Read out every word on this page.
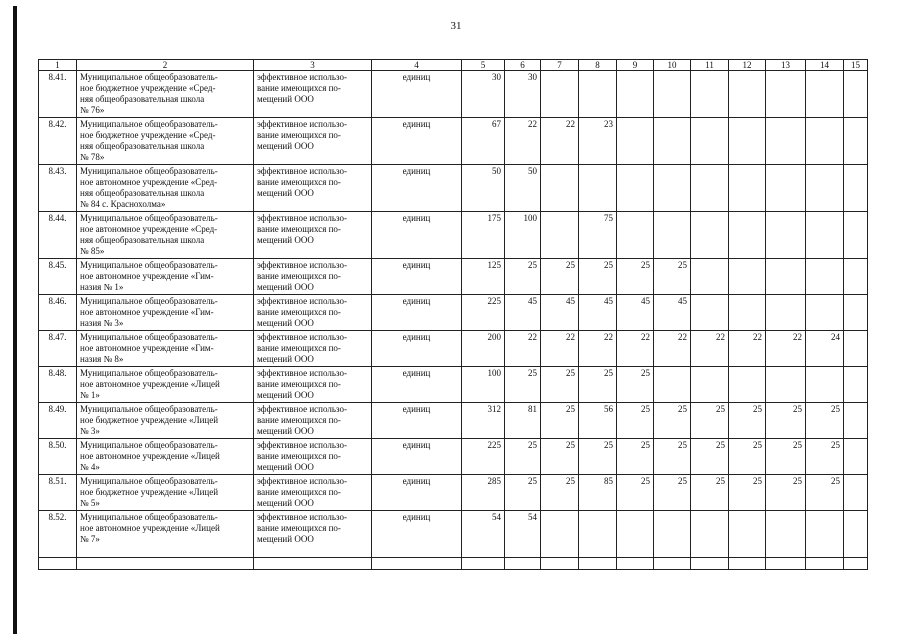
31
1	2	3	4	5	6	7	8	9	10	11	12	13	14	15
8.41.	Муниципальное общеобразователь-
ное бюджетное учреждение «Сред-
няя общеобразовательная школа
№ 76»	эффективное использо-
вание имеющихся по-
мещений ООО	единиц	30	30									
8.42.	Муниципальное общеобразователь-
ное бюджетное учреждение «Сред-
няя общеобразовательная школа
№ 78»	эффективное использо-
вание имеющихся по-
мещений ООО	единиц	67	22	22	23							
8.43.	Муниципальное общеобразователь-
ное автономное учреждение «Сред-
няя общеобразовательная школа
№ 84 с. Краснохолма»	эффективное использо-
вание имеющихся по-
мещений ООО	единиц	50	50									
8.44.	Муниципальное общеобразователь-
ное автономное учреждение «Сред-
няя общеобразовательная школа
№ 85»	эффективное использо-
вание имеющихся по-
мещений ООО	единиц	175	100		75							
8.45.	Муниципальное общеобразователь-
ное автономное учреждение «Гим-
назия № 1»	эффективное использо-
вание имеющихся по-
мещений ООО	единиц	125	25	25	25	25	25					
8.46.	Муниципальное общеобразователь-
ное автономное учреждение «Гим-
назия № 3»	эффективное использо-
вание имеющихся по-
мещений ООО	единиц	225	45	45	45	45	45					
8.47.	Муниципальное общеобразователь-
ное автономное учреждение «Гим-
назия № 8»	эффективное использо-
вание имеющихся по-
мещений ООО	единиц	200	22	22	22	22	22	22	22	22	24	
8.48.	Муниципальное общеобразователь-
ное автономное учреждение «Лицей
№ 1»	эффективное использо-
вание имеющихся по-
мещений ООО	единиц	100	25	25	25	25						
8.49.	Муниципальное общеобразователь-
ное бюджетное учреждение «Лицей
№ 3»	эффективное использо-
вание имеющихся по-
мещений ООО	единиц	312	81	25	56	25	25	25	25	25	25	
8.50.	Муниципальное общеобразователь-
ное автономное учреждение «Лицей
№ 4»	эффективное использо-
вание имеющихся по-
мещений ООО	единиц	225	25	25	25	25	25	25	25	25	25	
8.51.	Муниципальное общеобразователь-
ное бюджетное учреждение «Лицей
№ 5»	эффективное использо-
вание имеющихся по-
мещений ООО	единиц	285	25	25	85	25	25	25	25	25	25	
8.52.	Муниципальное общеобразователь-
ное автономное учреждение «Лицей
№ 7»	эффективное использо-
вание имеющихся по-
мещений ООО	единиц	54	54									
